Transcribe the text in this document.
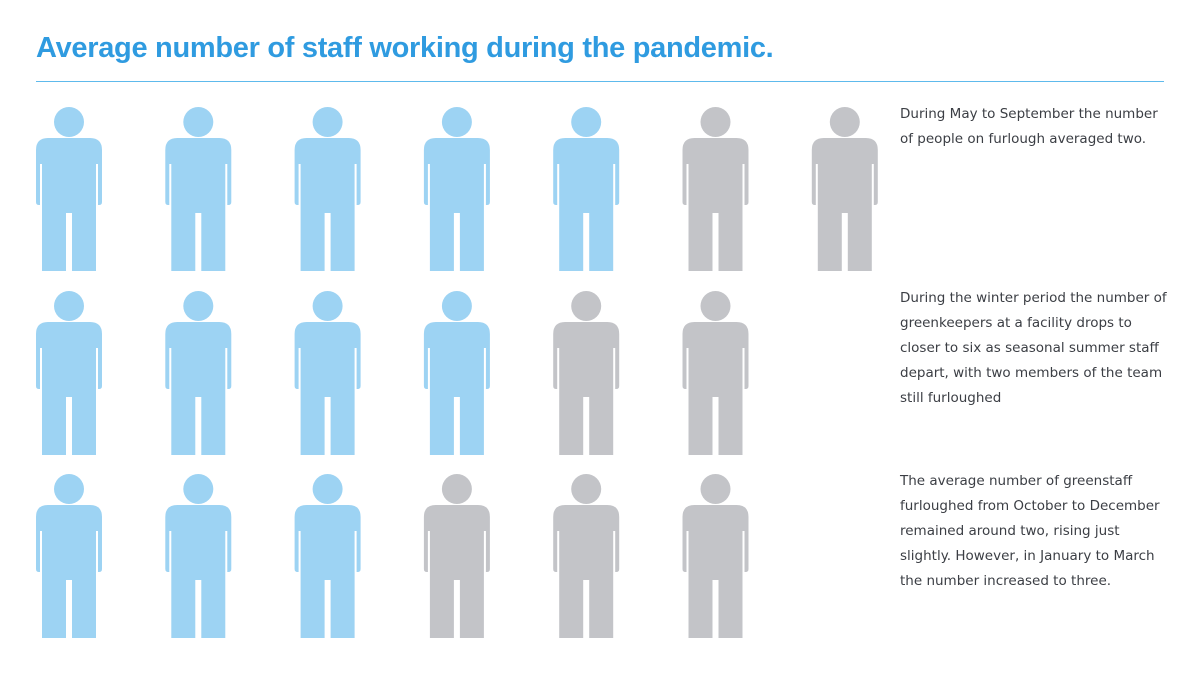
Average number of staff working during the pandemic.

During May to September the number of people on furlough averaged two.

During the winter period the number of greenkeepers at a facility drops to closer to six as seasonal summer staff depart, with two members of the team still furloughed

The average number of greenstaff furloughed from October to December remained around two, rising just slightly. However, in January to March the number increased to three.
